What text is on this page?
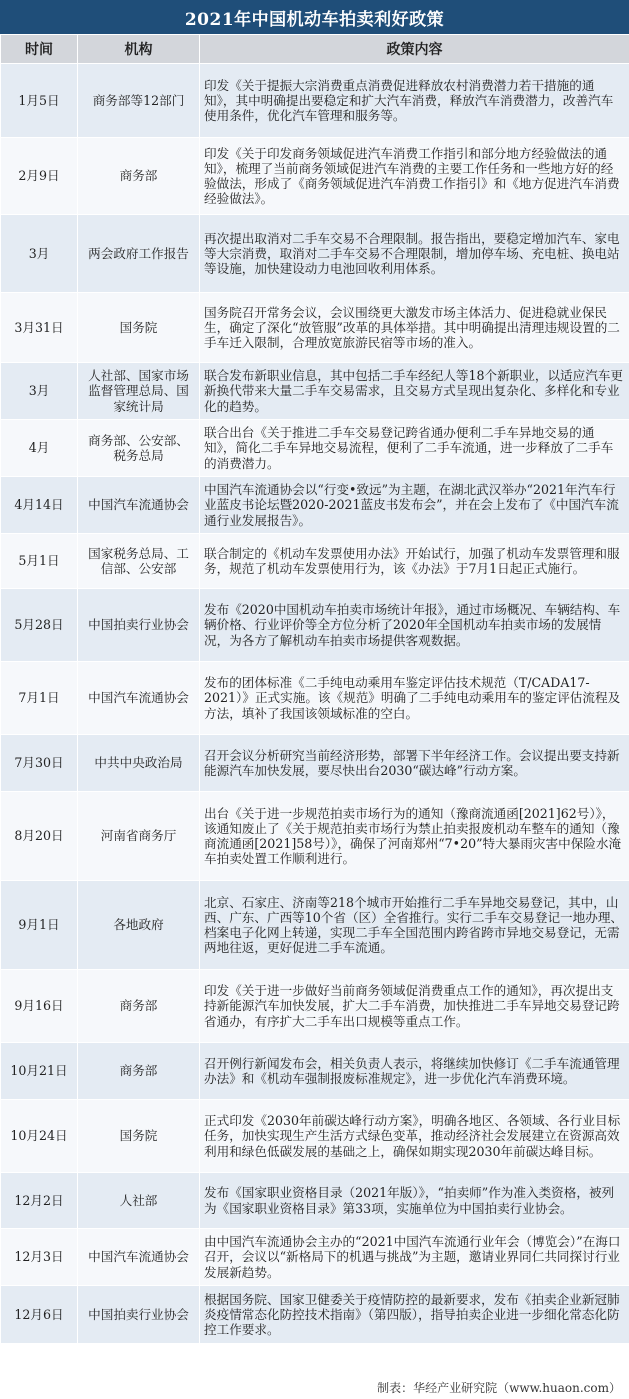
2021年中国机动车拍卖利好政策
时间	机构	政策内容
1月5日	商务部等12部门	印发《关于提振大宗消费重点消费促进释放农村消费潜力若干措施的通知》，其中明确提出要稳定和扩大汽车消费，释放汽车消费潜力，改善汽车使用条件，优化汽车管理和服务等。
2月9日	商务部	印发《关于印发商务领域促进汽车消费工作指引和部分地方经验做法的通知》，梳理了当前商务领域促进汽车消费的主要工作任务和一些地方好的经验做法，形成了《商务领域促进汽车消费工作指引》和《地方促进汽车消费经验做法》。
3月	两会政府工作报告	再次提出取消对二手车交易不合理限制。报告指出，要稳定增加汽车、家电等大宗消费，取消对二手车交易不合理限制，增加停车场、充电桩、换电站等设施，加快建设动力电池回收利用体系。
3月31日	国务院	国务院召开常务会议，会议围绕更大激发市场主体活力、促进稳就业保民生，确定了深化“放管服”改革的具体举措。其中明确提出清理违规设置的二手车迁入限制，合理放宽旅游民宿等市场的准入。
3月	人社部、国家市场监督管理总局、国家统计局	联合发布新职业信息，其中包括二手车经纪人等18个新职业，以适应汽车更新换代带来大量二手车交易需求，且交易方式呈现出复杂化、多样化和专业化的趋势。
4月	商务部、公安部、税务总局	联合出台《关于推进二手车交易登记跨省通办便利二手车异地交易的通知》，简化二手车异地交易流程，便利了二手车流通，进一步释放了二手车的消费潜力。
4月14日	中国汽车流通协会	中国汽车流通协会以“行变•致远”为主题，在湖北武汉举办“2021年汽车行业蓝皮书论坛暨2020-2021蓝皮书发布会”，并在会上发布了《中国汽车流通行业发展报告》。
5月1日	国家税务总局、工信部、公安部	联合制定的《机动车发票使用办法》开始试行，加强了机动车发票管理和服务，规范了机动车发票使用行为，该《办法》于7月1日起正式施行。
5月28日	中国拍卖行业协会	发布《2020中国机动车拍卖市场统计年报》，通过市场概况、车辆结构、车辆价格、行业评价等全方位分析了2020年全国机动车拍卖市场的发展情况，为各方了解机动车拍卖市场提供客观数据。
7月1日	中国汽车流通协会	发布的团体标准《二手纯电动乘用车鉴定评估技术规范（T/CADA17-2021）》正式实施。该《规范》明确了二手纯电动乘用车的鉴定评估流程及方法，填补了我国该领域标准的空白。
7月30日	中共中央政治局	召开会议分析研究当前经济形势，部署下半年经济工作。会议提出要支持新能源汽车加快发展，要尽快出台2030“碳达峰”行动方案。
8月20日	河南省商务厅	出台《关于进一步规范拍卖市场行为的通知（豫商流通函[2021]62号）》，该通知废止了《关于规范拍卖市场行为禁止拍卖报废机动车整车的通知（豫商流通函[2021]58号）》，确保了河南郑州“7•20”特大暴雨灾害中保险水淹车拍卖处置工作顺利进行。
9月1日	各地政府	北京、石家庄、济南等218个城市开始推行二手车异地交易登记，其中，山西、广东、广西等10个省（区）全省推行。实行二手车交易登记一地办理、档案电子化网上转递，实现二手车全国范围内跨省跨市异地交易登记，无需两地往返，更好促进二手车流通。
9月16日	商务部	印发《关于进一步做好当前商务领域促消费重点工作的通知》，再次提出支持新能源汽车加快发展，扩大二手车消费，加快推进二手车异地交易登记跨省通办，有序扩大二手车出口规模等重点工作。
10月21日	商务部	召开例行新闻发布会，相关负责人表示，将继续加快修订《二手车流通管理办法》和《机动车强制报废标准规定》，进一步优化汽车消费环境。
10月24日	国务院	正式印发《2030年前碳达峰行动方案》，明确各地区、各领域、各行业目标任务，加快实现生产生活方式绿色变革，推动经济社会发展建立在资源高效利用和绿色低碳发展的基础之上，确保如期实现2030年前碳达峰目标。
12月2日	人社部	发布《国家职业资格目录（2021年版）》，“拍卖师”作为准入类资格，被列为《国家职业资格目录》第33项，实施单位为中国拍卖行业协会。
12月3日	中国汽车流通协会	由中国汽车流通协会主办的“2021中国汽车流通行业年会（博览会）”在海口召开，会议以“新格局下的机遇与挑战”为主题，邀请业界同仁共同探讨行业发展新趋势。
12月6日	中国拍卖行业协会	根据国务院、国家卫健委关于疫情防控的最新要求，发布《拍卖企业新冠肺炎疫情常态化防控技术指南》（第四版），指导拍卖企业进一步细化常态化防控工作要求。
制表：华经产业研究院（www.huaon.com）
